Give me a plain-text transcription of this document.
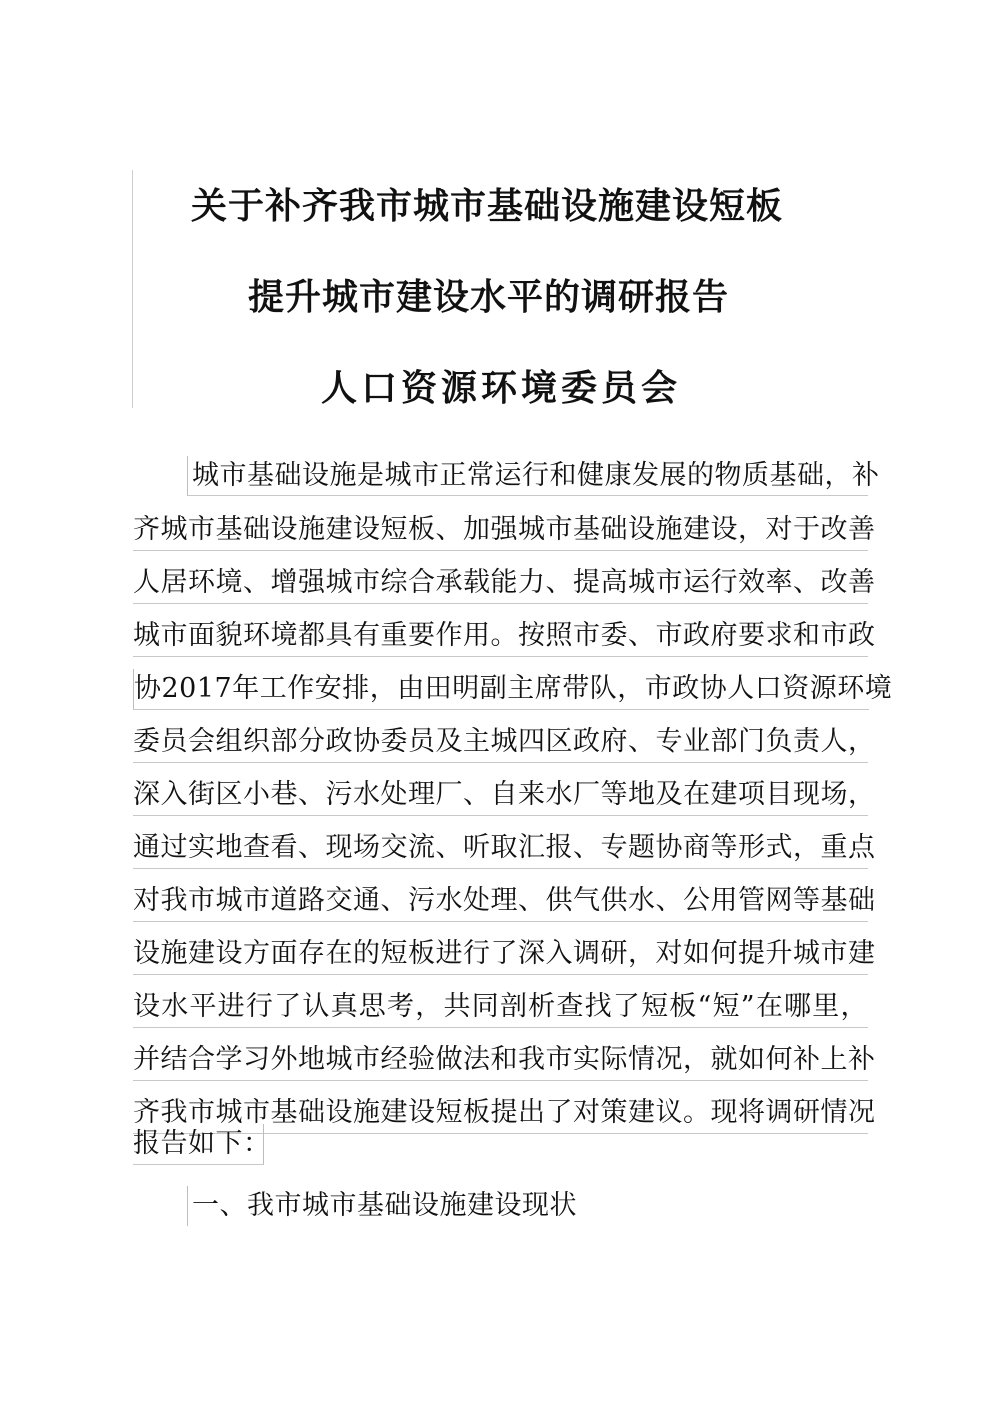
关于补齐我市城市基础设施建设短板
提升城市建设水平的调研报告
人口资源环境委员会
城市基础设施是城市正常运行和健康发展的物质基础，补
齐城市基础设施建设短板、加强城市基础设施建设，对于改善
人居环境、增强城市综合承载能力、提高城市运行效率、改善
城市面貌环境都具有重要作用。按照市委、市政府要求和市政
协2017年工作安排，由田明副主席带队，市政协人口资源环境
委员会组织部分政协委员及主城四区政府、专业部门负责人，
深入街区小巷、污水处理厂、自来水厂等地及在建项目现场，
通过实地查看、现场交流、听取汇报、专题协商等形式，重点
对我市城市道路交通、污水处理、供气供水、公用管网等基础
设施建设方面存在的短板进行了深入调研，对如何提升城市建
设水平进行了认真思考，共同剖析查找了短板“短”在哪里，
并结合学习外地城市经验做法和我市实际情况，就如何补上补
齐我市城市基础设施建设短板提出了对策建议。现将调研情况
报告如下：
一、我市城市基础设施建设现状
